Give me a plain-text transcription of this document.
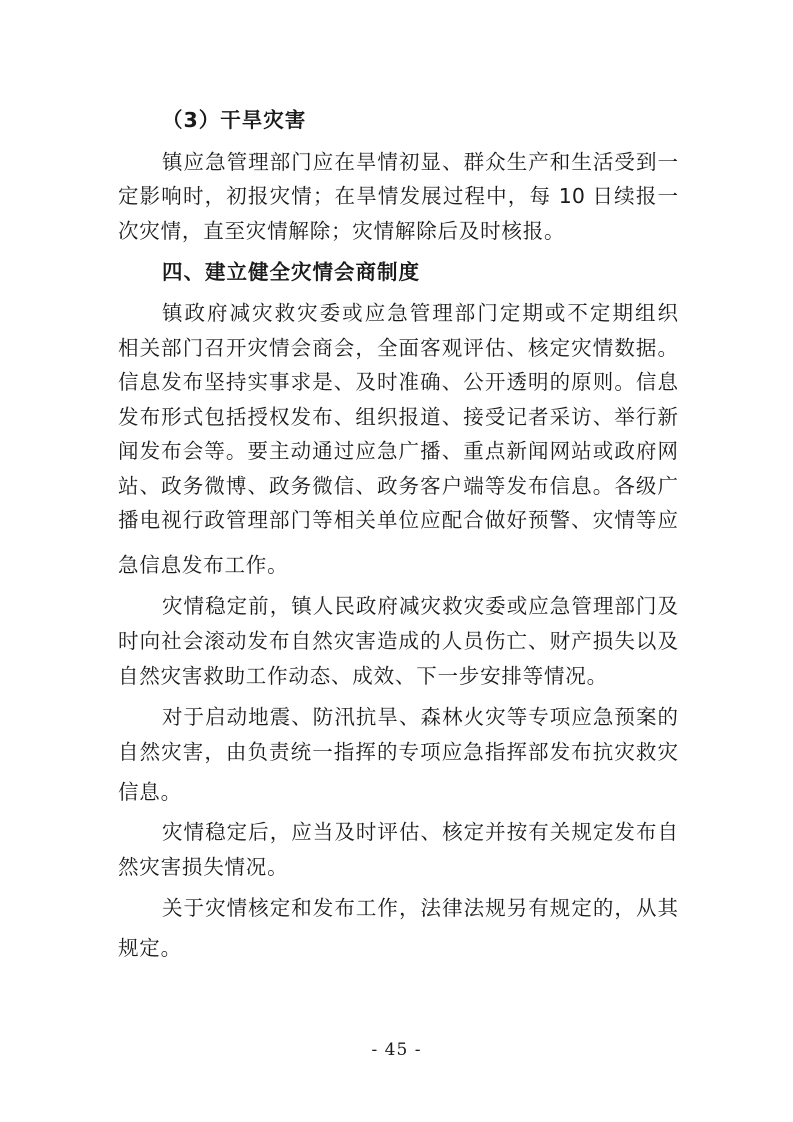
（3）干旱灾害
镇应急管理部门应在旱情初显、群众生产和生活受到一
定影响时，初报灾情；在旱情发展过程中，每 10 日续报一
次灾情，直至灾情解除；灾情解除后及时核报。
四、建立健全灾情会商制度
镇政府减灾救灾委或应急管理部门定期或不定期组织
相关部门召开灾情会商会，全面客观评估、核定灾情数据。
信息发布坚持实事求是、及时准确、公开透明的原则。信息
发布形式包括授权发布、组织报道、接受记者采访、举行新
闻发布会等。要主动通过应急广播、重点新闻网站或政府网
站、政务微博、政务微信、政务客户端等发布信息。各级广
播电视行政管理部门等相关单位应配合做好预警、灾情等应
急信息发布工作。
灾情稳定前，镇人民政府减灾救灾委或应急管理部门及
时向社会滚动发布自然灾害造成的人员伤亡、财产损失以及
自然灾害救助工作动态、成效、下一步安排等情况。
对于启动地震、防汛抗旱、森林火灾等专项应急预案的
自然灾害，由负责统一指挥的专项应急指挥部发布抗灾救灾
信息。
灾情稳定后，应当及时评估、核定并按有关规定发布自
然灾害损失情况。
关于灾情核定和发布工作，法律法规另有规定的，从其
规定。
- 45 -
